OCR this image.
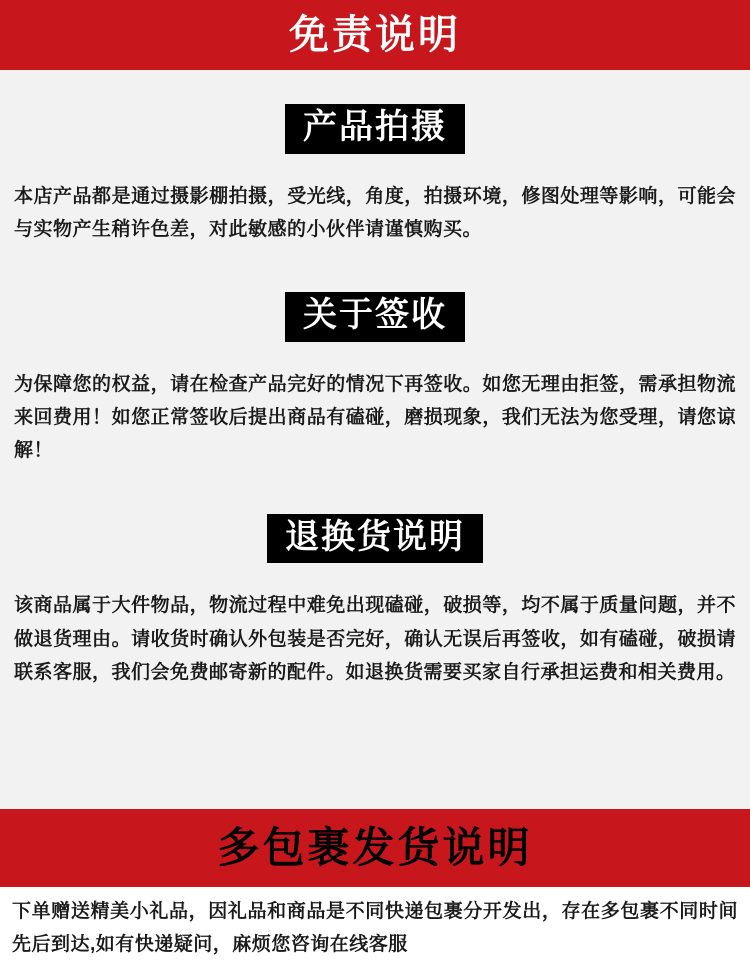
免责说明
产品拍摄
本店产品都是通过摄影棚拍摄，受光线，角度，拍摄环境，修图处理等影响，可能会与实物产生稍许色差，对此敏感的小伙伴请谨慎购买。
关于签收
为保障您的权益，请在检查产品完好的情况下再签收。如您无理由拒签，需承担物流来回费用！如您正常签收后提出商品有磕碰，磨损现象，我们无法为您受理，请您谅解！
退换货说明
该商品属于大件物品，物流过程中难免出现磕碰，破损等，均不属于质量问题，并不做退货理由。请收货时确认外包装是否完好，确认无误后再签收，如有磕碰，破损请联系客服，我们会免费邮寄新的配件。如退换货需要买家自行承担运费和相关费用。
多包裹发货说明
下单赠送精美小礼品，因礼品和商品是不同快递包裹分开发出，存在多包裹不同时间先后到达,如有快递疑问，麻烦您咨询在线客服
